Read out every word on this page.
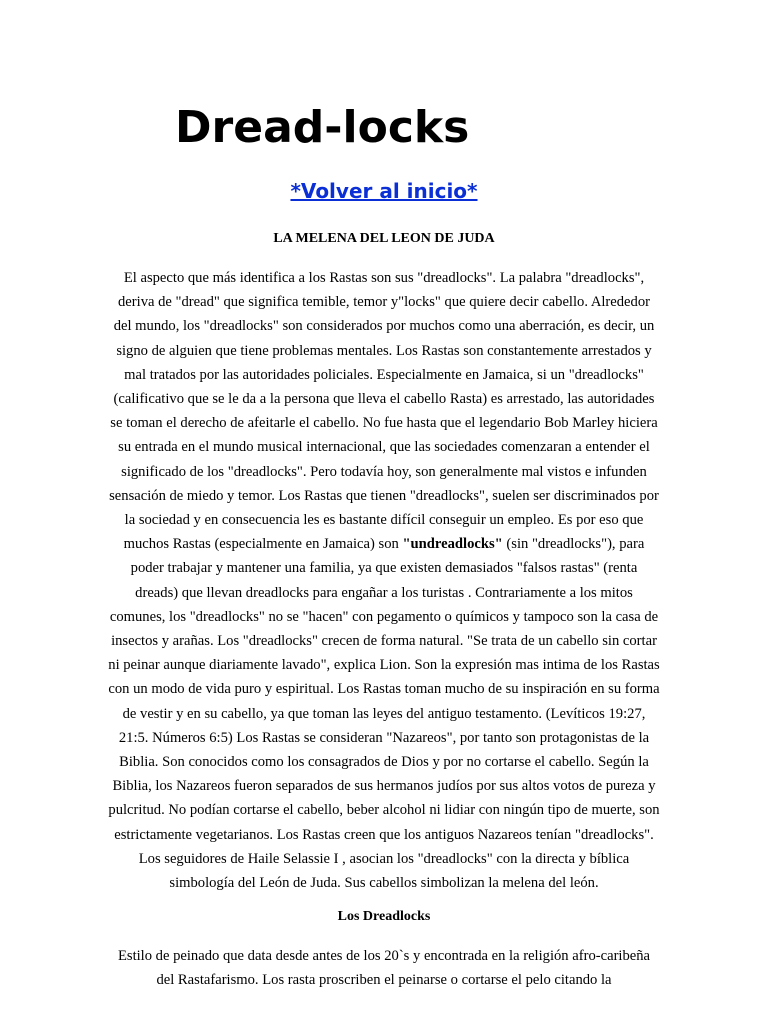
Dread-locks
*Volver al inicio*
LA MELENA DEL LEON DE JUDA

El aspecto que más identifica a los Rastas son sus "dreadlocks". La palabra "dreadlocks", deriva de "dread" que significa temible, temor y"locks" que quiere decir cabello. Alrededor del mundo, los "dreadlocks" son considerados por muchos como una aberración, es decir, un signo de alguien que tiene problemas mentales. Los Rastas son constantemente arrestados y mal tratados por las autoridades policiales. Especialmente en Jamaica, si un "dreadlocks"(calificativo que se le da a la persona que lleva el cabello Rasta) es arrestado, las autoridades se toman el derecho de afeitarle el cabello. No fue hasta que el legendario Bob Marley hiciera su entrada en el mundo musical internacional, que las sociedades comenzaran a entender el significado de los "dreadlocks". Pero todavía hoy, son generalmente mal vistos e infunden sensación de miedo y temor. Los Rastas que tienen "dreadlocks", suelen ser discriminados por la sociedad y en consecuencia les es bastante difícil conseguir un empleo. Es por eso que muchos Rastas (especialmente en Jamaica) son "undreadlocks" (sin "dreadlocks"), para poder trabajar y mantener una familia, ya que existen demasiados "falsos rastas" (renta dreads) que llevan dreadlocks para engañar a los turistas . Contrariamente a los mitos comunes, los "dreadlocks" no se "hacen" con pegamento o químicos y tampoco son la casa de insectos y arañas. Los "dreadlocks" crecen de forma natural. "Se trata de un cabello sin cortar ni peinar aunque diariamente lavado", explica Lion. Son la expresión mas intima de los Rastas con un modo de vida puro y espiritual. Los Rastas toman mucho de su inspiración en su forma de vestir y en su cabello, ya que toman las leyes del antiguo testamento. (Levíticos 19:27, 21:5. Números 6:5) Los Rastas se consideran "Nazareos", por tanto son protagonistas de la Biblia. Son conocidos como los consagrados de Dios y por no cortarse el cabello. Según la Biblia, los Nazareos fueron separados de sus hermanos judíos por sus altos votos de pureza y pulcritud. No podían cortarse el cabello, beber alcohol ni lidiar con ningún tipo de muerte, son estrictamente vegetarianos. Los Rastas creen que los antiguos Nazareos tenían "dreadlocks". Los seguidores de Haile Selassie I , asocian los "dreadlocks" con la directa y bíblica simbología del León de Juda. Sus cabellos simbolizan la melena del león.

Los Dreadlocks

Estilo de peinado que data desde antes de los 20`s y encontrada en la religión afro-caribeña del Rastafarismo. Los rasta proscriben el peinarse o cortarse el pelo citando la
